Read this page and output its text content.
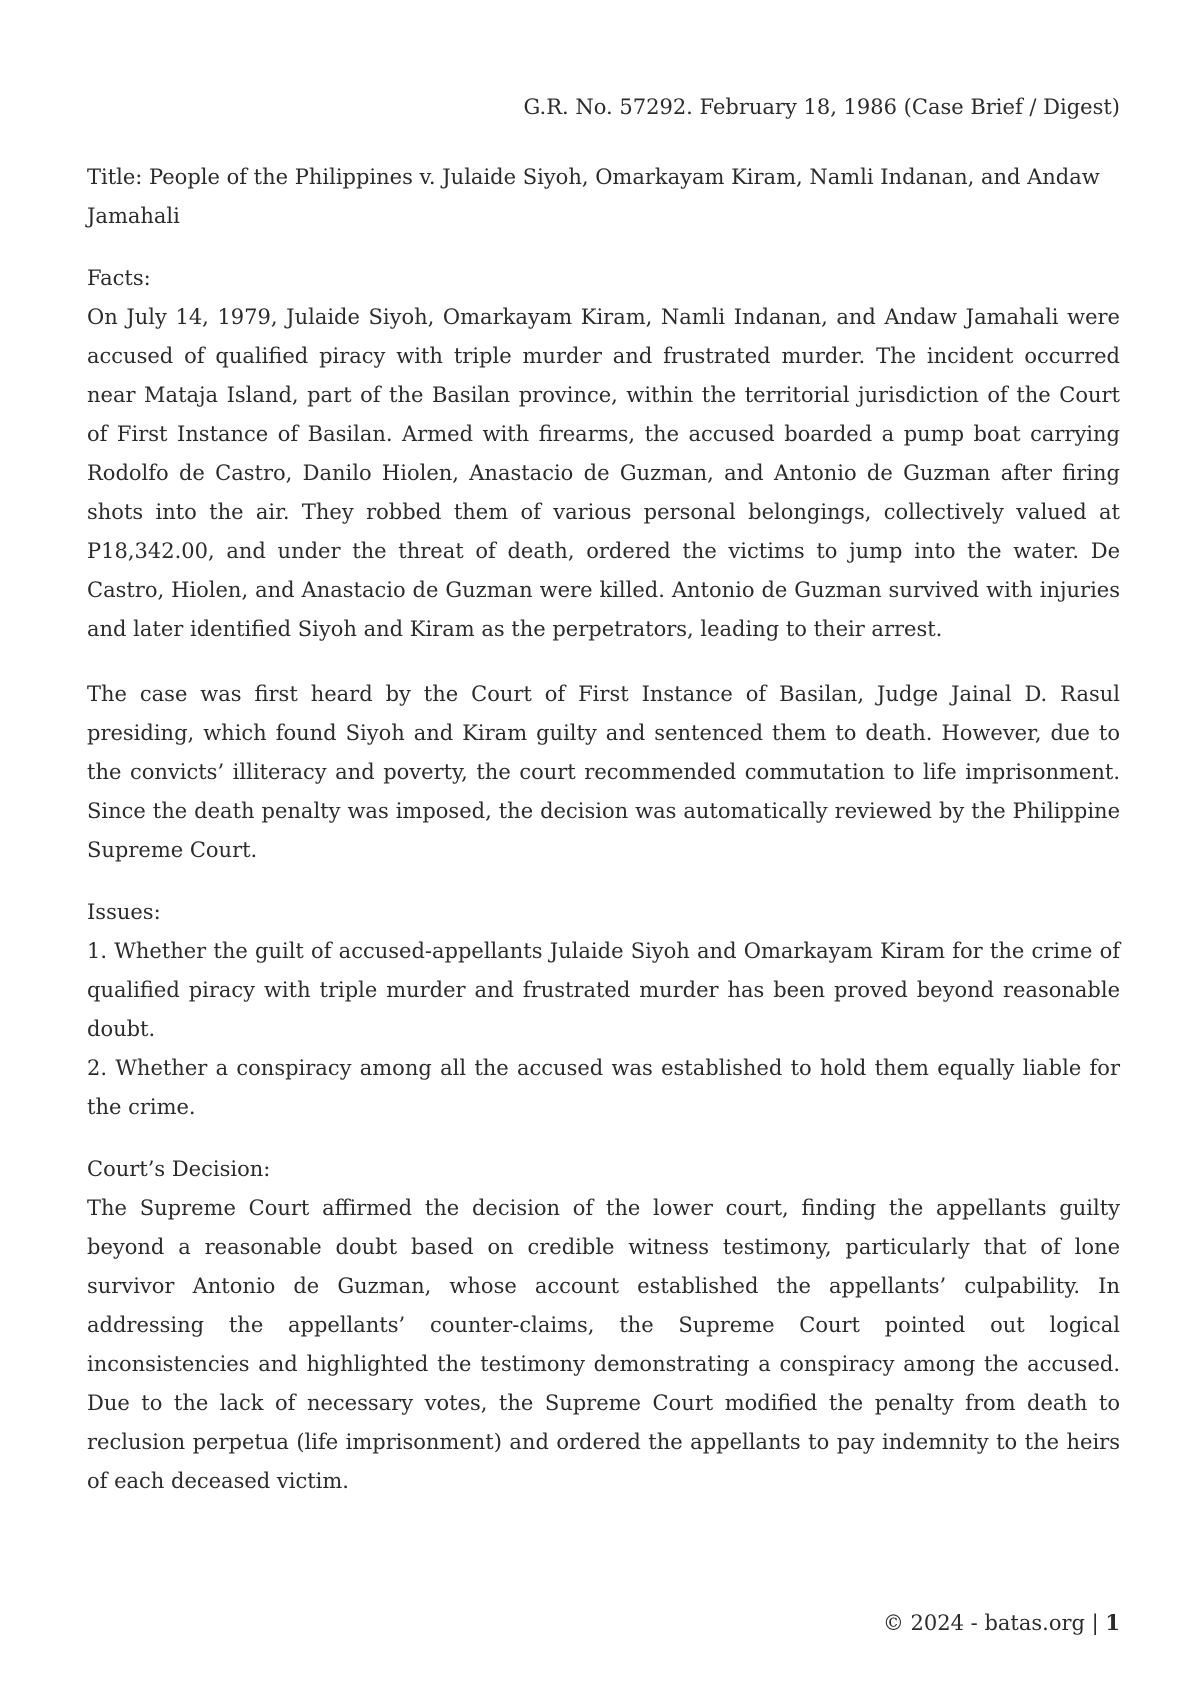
G.R. No. 57292. February 18, 1986 (Case Brief / Digest)

Title: People of the Philippines v. Julaide Siyoh, Omarkayam Kiram, Namli Indanan, and Andaw Jamahali

Facts:

On July 14, 1979, Julaide Siyoh, Omarkayam Kiram, Namli Indanan, and Andaw Jamahali were accused of qualified piracy with triple murder and frustrated murder. The incident occurred near Mataja Island, part of the Basilan province, within the territorial jurisdiction of the Court of First Instance of Basilan. Armed with firearms, the accused boarded a pump boat carrying Rodolfo de Castro, Danilo Hiolen, Anastacio de Guzman, and Antonio de Guzman after firing shots into the air. They robbed them of various personal belongings, collectively valued at P18,342.00, and under the threat of death, ordered the victims to jump into the water. De Castro, Hiolen, and Anastacio de Guzman were killed. Antonio de Guzman survived with injuries and later identified Siyoh and Kiram as the perpetrators, leading to their arrest.

The case was first heard by the Court of First Instance of Basilan, Judge Jainal D. Rasul presiding, which found Siyoh and Kiram guilty and sentenced them to death. However, due to the convicts’ illiteracy and poverty, the court recommended commutation to life imprisonment. Since the death penalty was imposed, the decision was automatically reviewed by the Philippine Supreme Court.

Issues:

1. Whether the guilt of accused-appellants Julaide Siyoh and Omarkayam Kiram for the crime of qualified piracy with triple murder and frustrated murder has been proved beyond reasonable doubt.

2. Whether a conspiracy among all the accused was established to hold them equally liable for the crime.

Court’s Decision:

The Supreme Court affirmed the decision of the lower court, finding the appellants guilty beyond a reasonable doubt based on credible witness testimony, particularly that of lone survivor Antonio de Guzman, whose account established the appellants’ culpability. In addressing the appellants’ counter-claims, the Supreme Court pointed out logical inconsistencies and highlighted the testimony demonstrating a conspiracy among the accused. Due to the lack of necessary votes, the Supreme Court modified the penalty from death to reclusion perpetua (life imprisonment) and ordered the appellants to pay indemnity to the heirs of each deceased victim.

© 2024 - batas.org | 1
